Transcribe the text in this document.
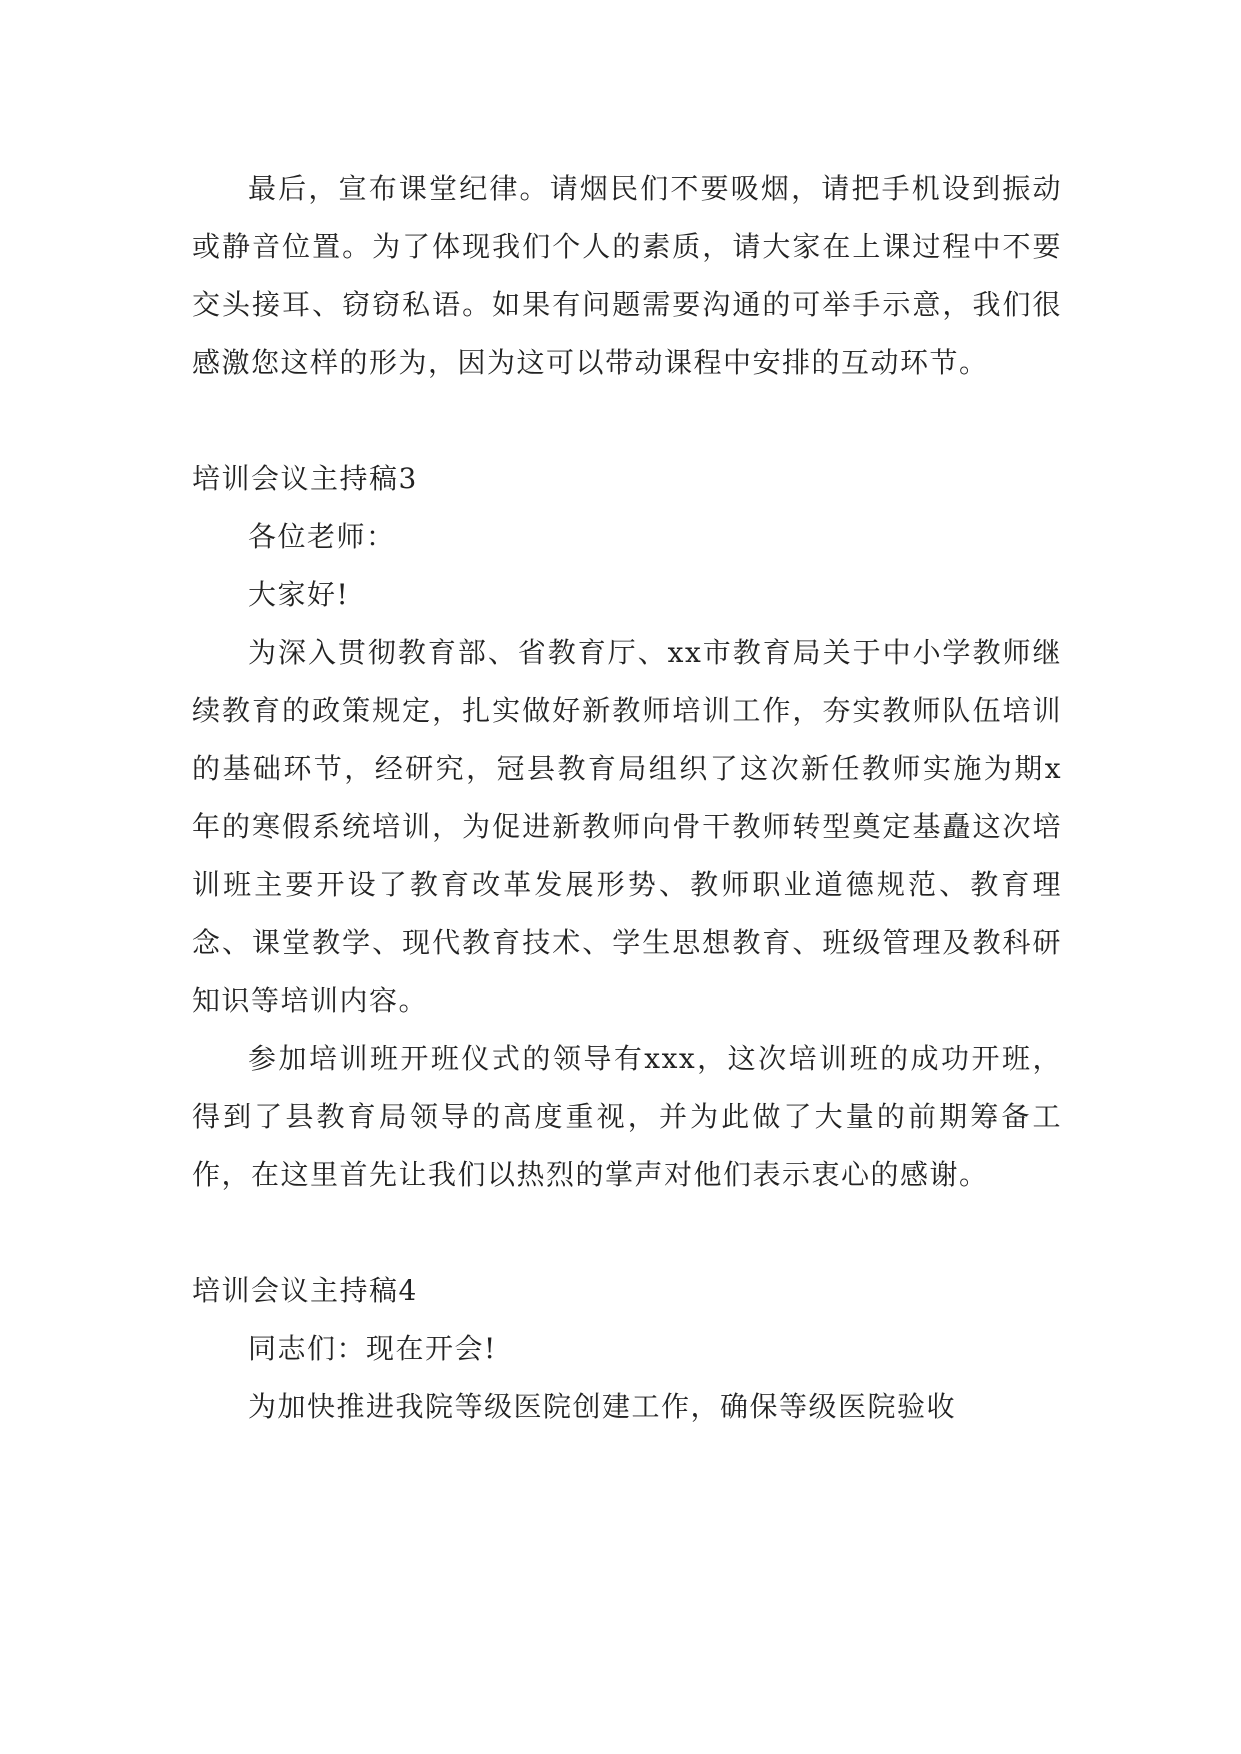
最后，宣布课堂纪律。请烟民们不要吸烟，请把手机设到振动或静音位置。为了体现我们个人的素质，请大家在上课过程中不要交头接耳、窃窃私语。如果有问题需要沟通的可举手示意，我们很感激您这样的形为，因为这可以带动课程中安排的互动环节。

培训会议主持稿3

各位老师：

大家好!

为深入贯彻教育部、省教育厅、xx市教育局关于中小学教师继续教育的政策规定，扎实做好新教师培训工作，夯实教师队伍培训的基础环节，经研究，冠县教育局组织了这次新任教师实施为期x年的寒假系统培训，为促进新教师向骨干教师转型奠定基矗这次培训班主要开设了教育改革发展形势、教师职业道德规范、教育理念、课堂教学、现代教育技术、学生思想教育、班级管理及教科研知识等培训内容。

参加培训班开班仪式的领导有xxx，这次培训班的成功开班，得到了县教育局领导的高度重视，并为此做了大量的前期筹备工作，在这里首先让我们以热烈的掌声对他们表示衷心的感谢。

培训会议主持稿4

同志们：现在开会!

为加快推进我院等级医院创建工作，确保等级医院验收
